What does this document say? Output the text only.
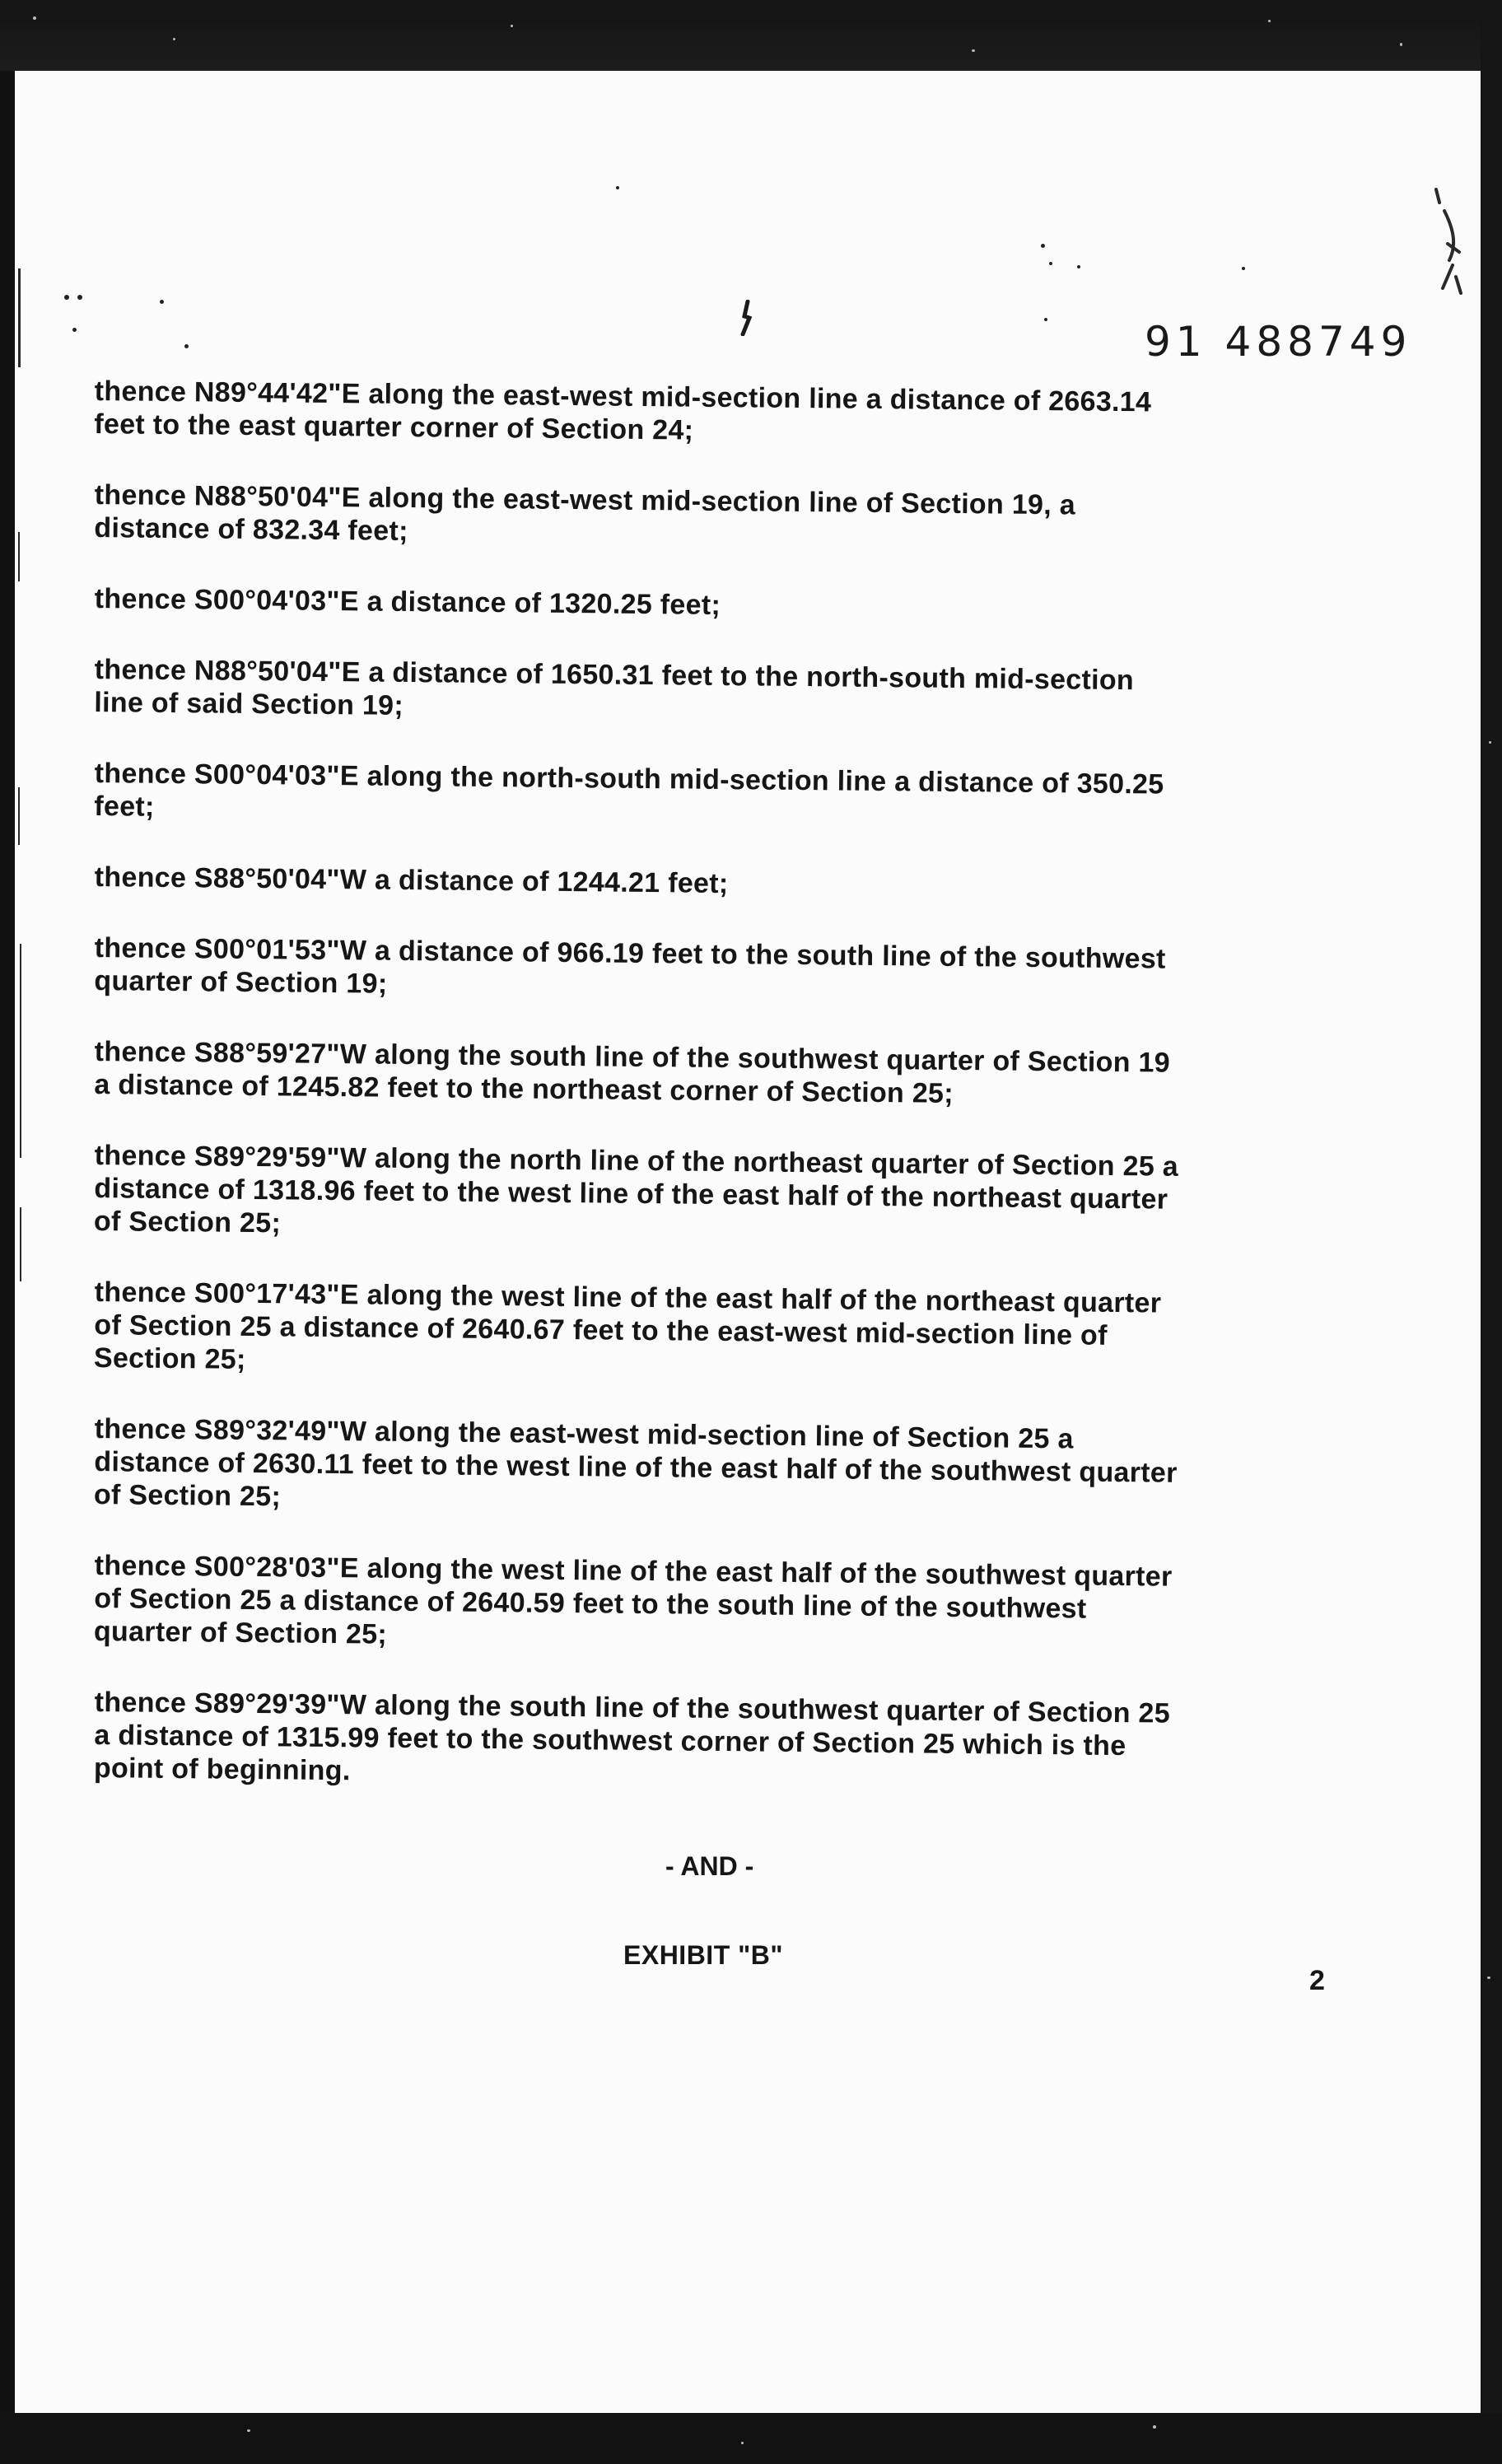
91 488749

thence N89°44'42"E along the east-west mid-section line a distance of 2663.14
feet to the east quarter corner of Section 24;

thence N88°50'04"E along the east-west mid-section line of Section 19, a
distance of 832.34 feet;

thence S00°04'03"E a distance of 1320.25 feet;

thence N88°50'04"E a distance of 1650.31 feet to the north-south mid-section
line of said Section 19;

thence S00°04'03"E along the north-south mid-section line a distance of 350.25
feet;

thence S88°50'04"W a distance of 1244.21 feet;

thence S00°01'53"W a distance of 966.19 feet to the south line of the southwest
quarter of Section 19;

thence S88°59'27"W along the south line of the southwest quarter of Section 19
a distance of 1245.82 feet to the northeast corner of Section 25;

thence S89°29'59"W along the north line of the northeast quarter of Section 25 a
distance of 1318.96 feet to the west line of the east half of the northeast quarter
of Section 25;

thence S00°17'43"E along the west line of the east half of the northeast quarter
of Section 25 a distance of 2640.67 feet to the east-west mid-section line of
Section 25;

thence S89°32'49"W along the east-west mid-section line of Section 25 a
distance of 2630.11 feet to the west line of the east half of the southwest quarter
of Section 25;

thence S00°28'03"E along the west line of the east half of the southwest quarter
of Section 25 a distance of 2640.59 feet to the south line of the southwest
quarter of Section 25;

thence S89°29'39"W along the south line of the southwest quarter of Section 25
a distance of 1315.99 feet to the southwest corner of Section 25 which is the
point of beginning.

- AND -
EXHIBIT "B"
2
